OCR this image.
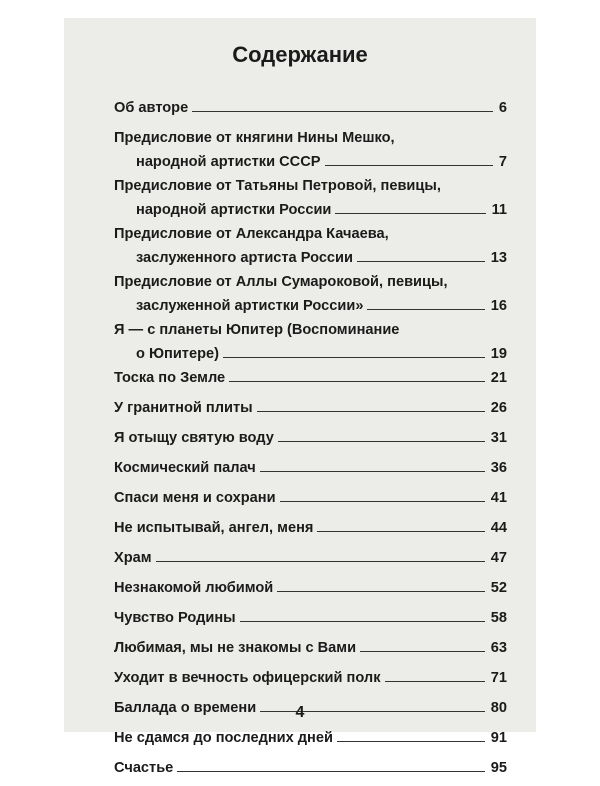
Содержание
Об авторе	6
Предисловие от княгини Нины Мешко,
народной артистки СССР	7
Предисловие от Татьяны Петровой, певицы,
народной артистки России	11
Предисловие от Александра Качаева,
заслуженного артиста России	13
Предисловие от Аллы Сумароковой, певицы,
заслуженной артистки России»	16
Я — с планеты Юпитер (Воспоминание
о Юпитере)	19
Тоска по Земле	21
У гранитной плиты	26
Я отыщу святую воду	31
Космический палач	36
Спаси меня и сохрани	41
Не испытывай, ангел, меня	44
Храм	47
Незнакомой любимой	52
Чувство Родины	58
Любимая, мы не знакомы с Вами	63
Уходит в вечность офицерский полк	71
Баллада о времени	80
Не сдамся до последних дней	91
Счастье	95
4
